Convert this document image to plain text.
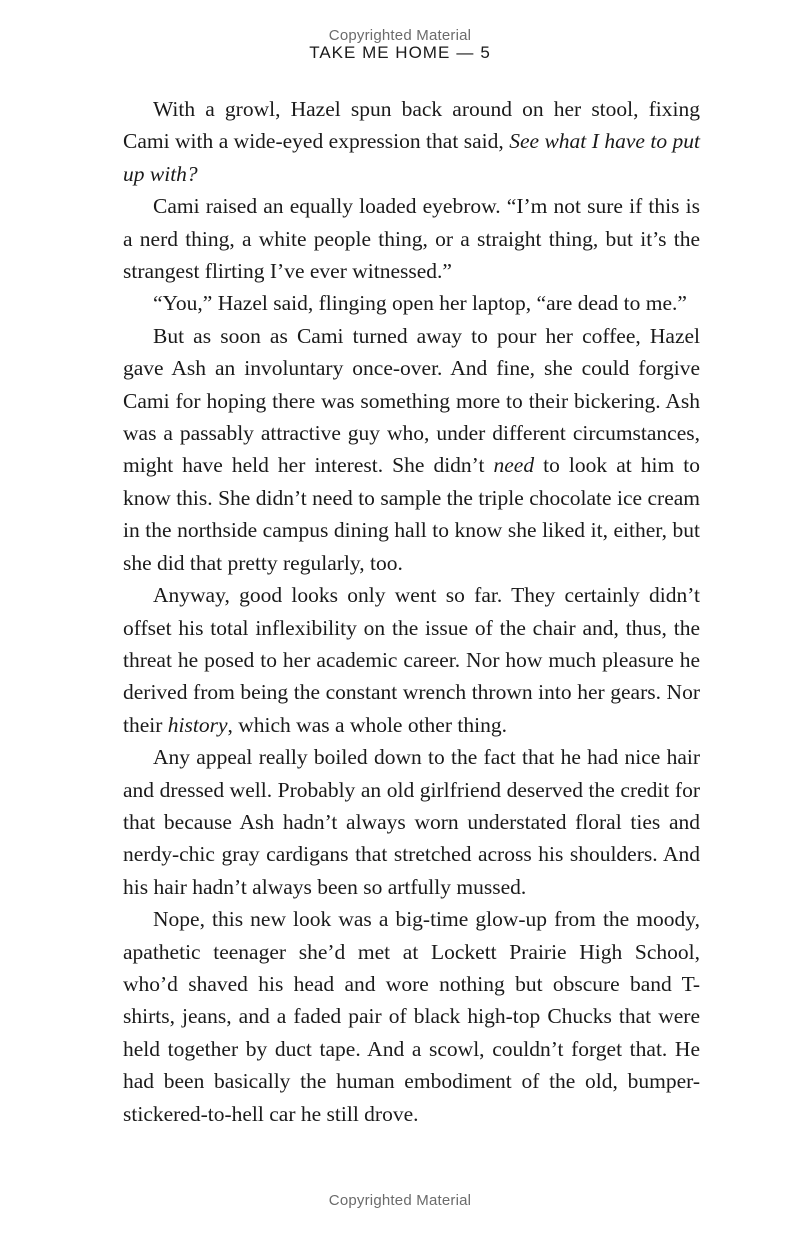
Copyrighted Material
TAKE ME HOME — 5

With a growl, Hazel spun back around on her stool, fixing Cami with a wide-eyed expression that said, See what I have to put up with?

Cami raised an equally loaded eyebrow. “I’m not sure if this is a nerd thing, a white people thing, or a straight thing, but it’s the strangest flirting I’ve ever witnessed.”

“You,” Hazel said, flinging open her laptop, “are dead to me.”

But as soon as Cami turned away to pour her coffee, Hazel gave Ash an involuntary once-over. And fine, she could forgive Cami for hoping there was something more to their bickering. Ash was a passably attractive guy who, under different circumstances, might have held her interest. She didn’t need to look at him to know this. She didn’t need to sample the triple chocolate ice cream in the northside campus dining hall to know she liked it, either, but she did that pretty regularly, too.

Anyway, good looks only went so far. They certainly didn’t offset his total inflexibility on the issue of the chair and, thus, the threat he posed to her academic career. Nor how much pleasure he derived from being the constant wrench thrown into her gears. Nor their history, which was a whole other thing.

Any appeal really boiled down to the fact that he had nice hair and dressed well. Probably an old girlfriend deserved the credit for that because Ash hadn’t always worn understated floral ties and nerdy-chic gray cardigans that stretched across his shoulders. And his hair hadn’t always been so artfully mussed.

Nope, this new look was a big-time glow-up from the moody, apathetic teenager she’d met at Lockett Prairie High School, who’d shaved his head and wore nothing but obscure band T-shirts, jeans, and a faded pair of black high-top Chucks that were held together by duct tape. And a scowl, couldn’t forget that. He had been basically the human embodiment of the old, bumper-stickered-to-hell car he still drove.

Copyrighted Material
